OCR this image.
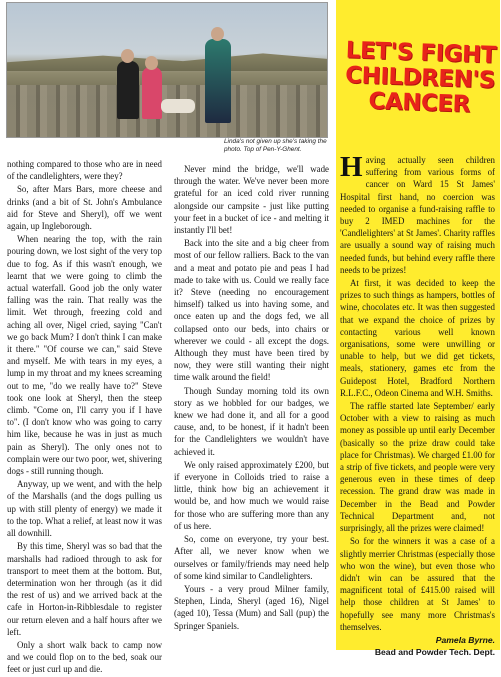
Linda's not given up she's taking the photo. Top of Pen-Y-Ghent.

nothing compared to those who are in need of the candlelighters, were they?

So, after Mars Bars, more cheese and drinks (and a bit of St. John's Ambulance aid for Steve and Sheryl), off we went again, up Ingleborough.

When nearing the top, with the rain pouring down, we lost sight of the very top due to fog. As if this wasn't enough, we learnt that we were going to climb the actual waterfall. Good job the only water falling was the rain. That really was the limit. Wet through, freezing cold and aching all over, Nigel cried, saying "Can't we go back Mum? I don't think I can make it there." "Of course we can," said Steve and myself. Me with tears in my eyes, a lump in my throat and my knees screaming out to me, "do we really have to?" Steve took one look at Sheryl, then the steep climb. "Come on, I'll carry you if I have to". (I don't know who was going to carry him like, because he was in just as much pain as Sheryl). The only ones not to complain were our two poor, wet, shivering dogs - still running though.

Anyway, up we went, and with the help of the Marshalls (and the dogs pulling us up with still plenty of energy) we made it to the top. What a relief, at least now it was all downhill.

By this time, Sheryl was so bad that the marshalls had radioed through to ask for transport to meet them at the bottom. But, determination won her through (as it did the rest of us) and we arrived back at the cafe in Horton-in-Ribblesdale to register our return eleven and a half hours after we left.

Only a short walk back to camp now and we could flop on to the bed, soak our feet or just curl up and die.

Never mind the bridge, we'll wade through the water. We've never been more grateful for an iced cold river running alongside our campsite - just like putting your feet in a bucket of ice - and melting it instantly I'll bet!

Back into the site and a big cheer from most of our fellow ralliers. Back to the van and a meat and potato pie and peas I had made to take with us. Could we really face it? Steve (needing no encouragement himself) talked us into having some, and once eaten up and the dogs fed, we all collapsed onto our beds, into chairs or wherever we could - all except the dogs. Although they must have been tired by now, they were still wanting their night time walk around the field!

Though Sunday morning told its own story as we hobbled for our badges, we knew we had done it, and all for a good cause, and, to be honest, if it hadn't been for the Candlelighters we wouldn't have achieved it.

We only raised approximately £200, but if everyone in Colloids tried to raise a little, think how big an achievement it would be, and how much we would raise for those who are suffering more than any of us here.

So, come on everyone, try your best. After all, we never know when we ourselves or family/friends may need help of some kind similar to Candlelighters.

Yours - a very proud Milner family, Stephen, Linda, Sheryl (aged 16), Nigel (aged 10), Tessa (Mum) and Sall (pup) the Springer Spaniels.

LET'S FIGHT
CHILDREN'S
CANCER

Having actually seen children suffering from various forms of cancer on Ward 15 St James' Hospital first hand, no coercion was needed to organise a fund-raising raffle to buy 2 IMED machines for the 'Candlelighters' at St James'. Charity raffles are usually a sound way of raising much needed funds, but behind every raffle there needs to be prizes!

At first, it was decided to keep the prizes to such things as hampers, bottles of wine, chocolates etc. It was then suggested that we expand the choice of prizes by contacting various well known organisations, some were unwilling or unable to help, but we did get tickets, meals, stationery, games etc from the Guidepost Hotel, Bradford Northern R.L.F.C., Odeon Cinema and W.H. Smiths.

The raffle started late September/ early October with a view to raising as much money as possible up until early December (basically so the prize draw could take place for Christmas). We charged £1.00 for a strip of five tickets, and people were very generous even in these times of deep recession. The grand draw was made in December in the Bead and Powder Technical Department and, not surprisingly, all the prizes were claimed!

So for the winners it was a case of a slightly merrier Christmas (especially those who won the wine), but even those who didn't win can be assured that the magnificent total of £415.00 raised will help those children at St James' to hopefully see many more Christmas's themselves.

Pamela Byrne.
Bead and Powder Tech. Dept.
